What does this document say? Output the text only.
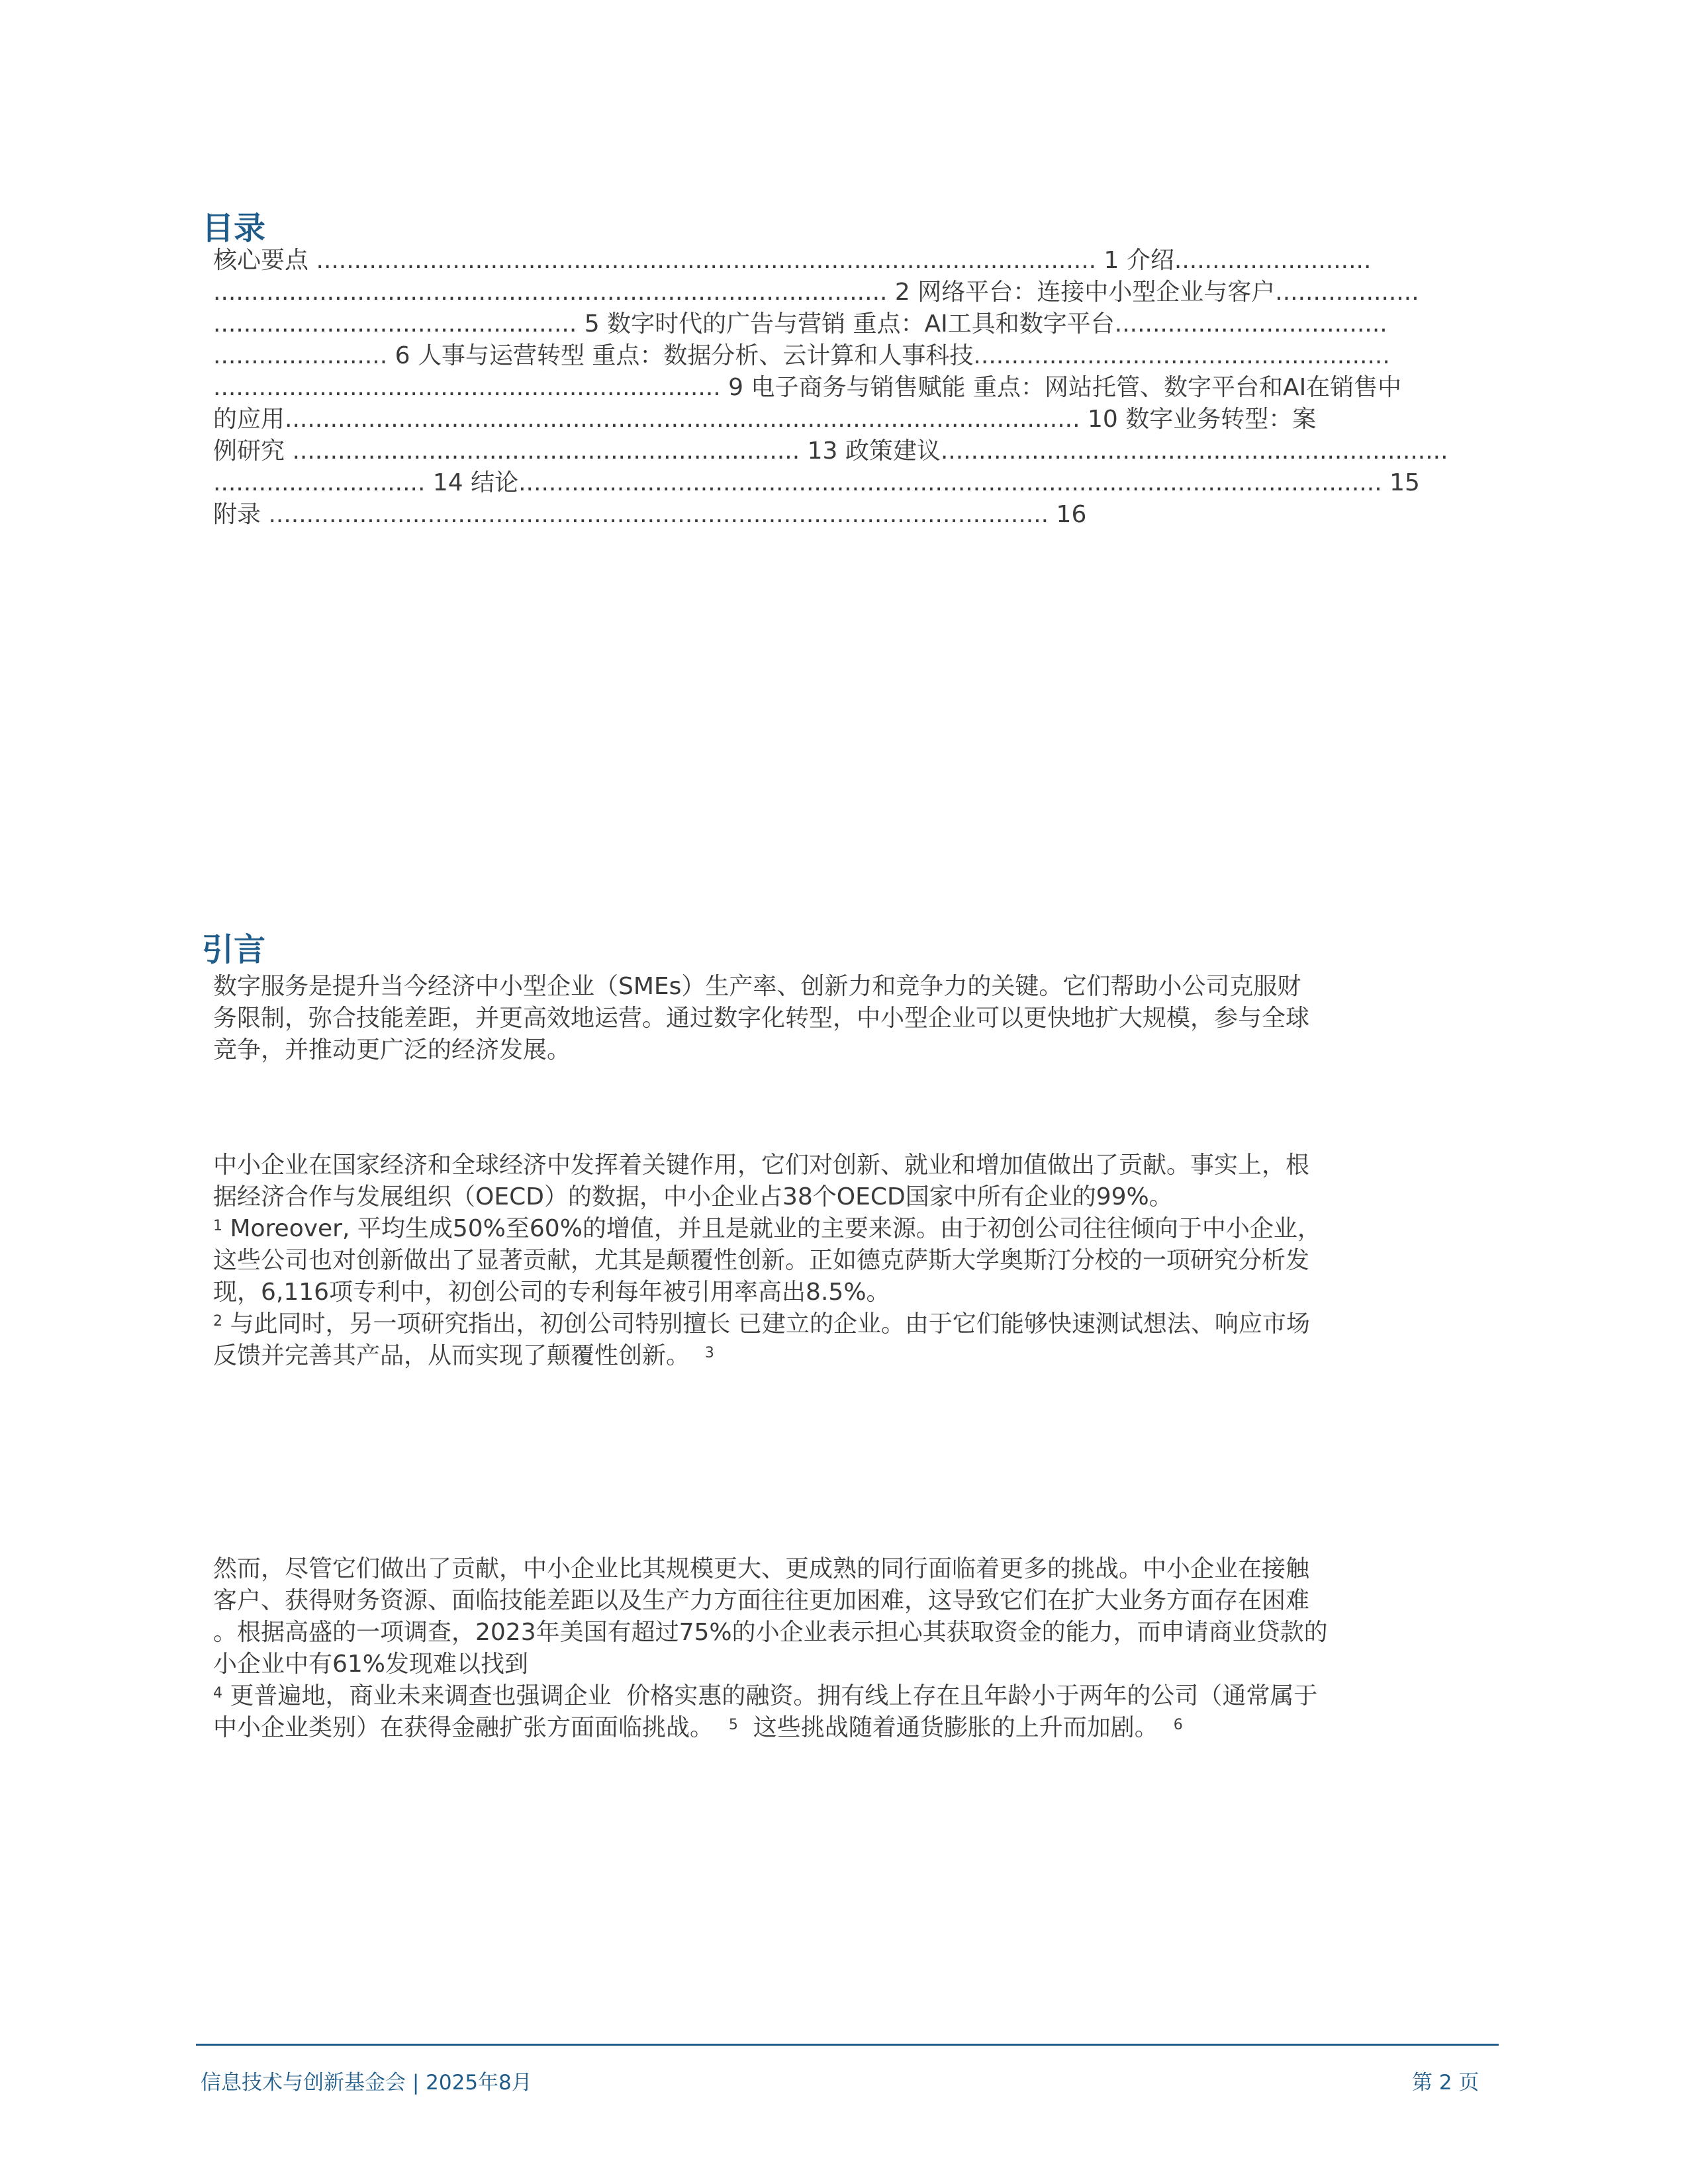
目录
核心要点 ....................................................................................................... 1 介绍..........................
......................................................................................... 2 网络平台：连接中小型企业与客户...................
................................................ 5 数字时代的广告与营销 重点：AI工具和数字平台....................................
....................... 6 人事与运营转型 重点：数据分析、云计算和人事科技.......................................................
................................................................... 9 电子商务与销售赋能 重点：网站托管、数字平台和AI在销售中
的应用......................................................................................................... 10 数字业务转型：案
例研究 ................................................................... 13 政策建议...................................................................
............................ 14 结论.................................................................................................................. 15
附录 ....................................................................................................... 16
引言
数字服务是提升当今经济中小型企业（SMEs）生产率、创新力和竞争力的关键。它们帮助小公司克服财
务限制，弥合技能差距，并更高效地运营。通过数字化转型，中小型企业可以更快地扩大规模，参与全球
竞争，并推动更广泛的经济发展。
中小企业在国家经济和全球经济中发挥着关键作用，它们对创新、就业和增加值做出了贡献。事实上，根
据经济合作与发展组织（OECD）的数据，中小企业占38个OECD国家中所有企业的99%。
$^1$ Moreover, 平均生成50%至60%的增值，并且是就业的主要来源。由于初创公司往往倾向于中小企业，
这些公司也对创新做出了显著贡献，尤其是颠覆性创新。正如德克萨斯大学奥斯汀分校的一项研究分析发
现，6,116项专利中，初创公司的专利每年被引用率高出8.5%。
$^2$ 与此同时，另一项研究指出，初创公司特别擅长 已建立的企业。由于它们能够快速测试想法、响应市场
反馈并完善其产品，从而实现了颠覆性创新。 $^3$
然而，尽管它们做出了贡献，中小企业比其规模更大、更成熟的同行面临着更多的挑战。中小企业在接触
客户、获得财务资源、面临技能差距以及生产力方面往往更加困难，这导致它们在扩大业务方面存在困难
。根据高盛的一项调查，2023年美国有超过75%的小企业表示担心其获取资金的能力，而申请商业贷款的
小企业中有61%发现难以找到
$^4$ 更普遍地，商业未来调查也强调企业  价格实惠的融资。拥有线上存在且年龄小于两年的公司（通常属于
中小企业类别）在获得金融扩张方面面临挑战。 $^5$ 这些挑战随着通货膨胀的上升而加剧。 $^6$
信息技术与创新基金会 | 2025年8月	第 2 页
